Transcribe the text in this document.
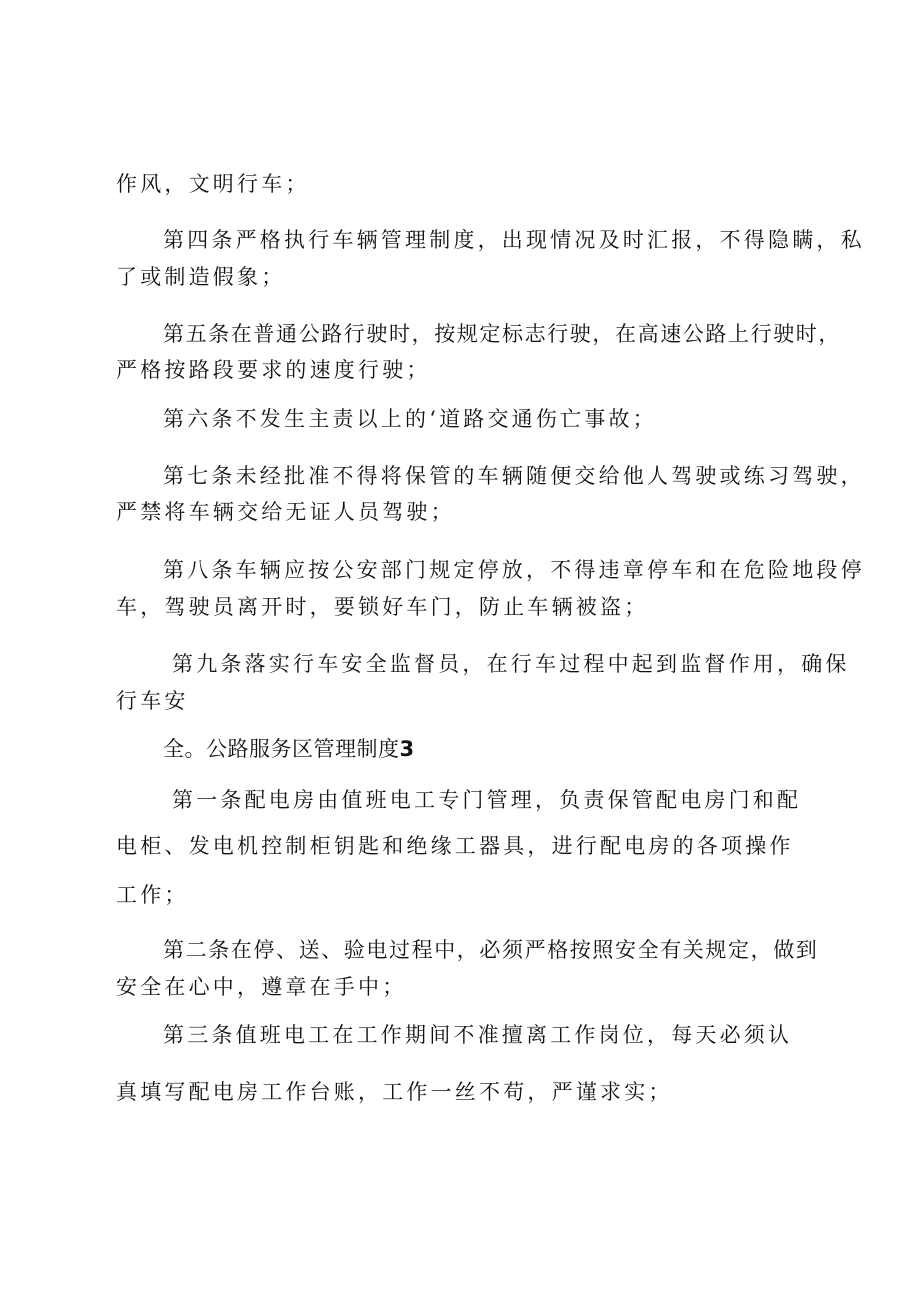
作风，文明行车；
第四条严格执行车辆管理制度，出现情况及时汇报，不得隐瞒，私
了或制造假象；
第五条在普通公路行驶时，按规定标志行驶，在高速公路上行驶时，
严格按路段要求的速度行驶；
第六条不发生主责以上的‘道路交通伤亡事故；
第七条未经批准不得将保管的车辆随便交给他人驾驶或练习驾驶，
严禁将车辆交给无证人员驾驶；
第八条车辆应按公安部门规定停放，不得违章停车和在危险地段停
车，驾驶员离开时，要锁好车门，防止车辆被盗；
第九条落实行车安全监督员，在行车过程中起到监督作用，确保
行车安
全。公路服务区管理制度3
第一条配电房由值班电工专门管理，负责保管配电房门和配
电柜、发电机控制柜钥匙和绝缘工器具，进行配电房的各项操作
工作；
第二条在停、送、验电过程中，必须严格按照安全有关规定，做到
安全在心中，遵章在手中；
第三条值班电工在工作期间不准擅离工作岗位，每天必须认
真填写配电房工作台账，工作一丝不苟，严谨求实；
